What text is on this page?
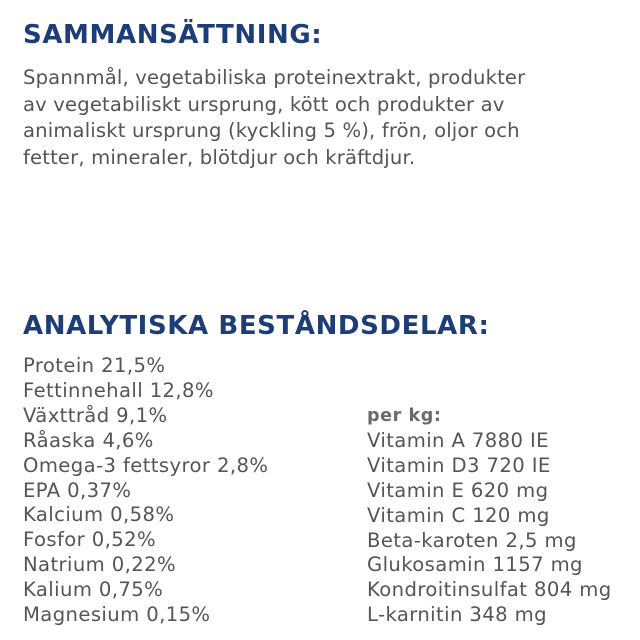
SAMMANSÄTTNING:

Spannmål, vegetabiliska proteinextrakt, produkter
av vegetabiliskt ursprung, kött och produkter av
animaliskt ursprung (kyckling 5 %), frön, oljor och
fetter, mineraler, blötdjur och kräftdjur.

ANALYTISKA BESTÅNDSDELAR:
Protein 21,5%
Fettinnehall 12,8%
Växttråd 9,1%
Råaska 4,6%
Omega-3 fettsyror 2,8%
EPA 0,37%
Kalcium 0,58%
Fosfor 0,52%
Natrium 0,22%
Kalium 0,75%
Magnesium 0,15%
per kg:
Vitamin A 7880 IE
Vitamin D3 720 IE
Vitamin E 620 mg
Vitamin C 120 mg
Beta-karoten 2,5 mg
Glukosamin 1157 mg
Kondroitinsulfat 804 mg
L-karnitin 348 mg
